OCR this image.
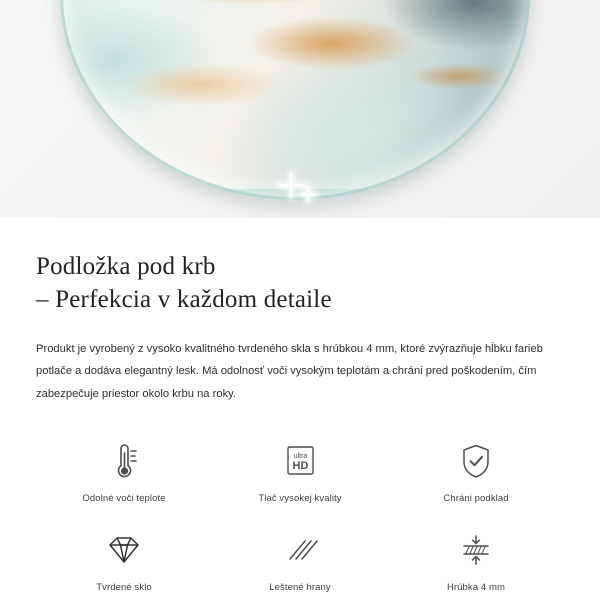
Podložka pod krb
– Perfekcia v každom detaile

Produkt je vyrobený z vysoko kvalitného tvrdeného skla s hrúbkou 4 mm, ktoré zvýrazňuje hĺbku farieb potlače a dodáva elegantný lesk. Má odolnosť voči vysokým teplotám a chráni pred poškodením, čím zabezpečuje priestor okolo krbu na roky.

Odolné voči teplote
ultra
HD
Tlač vysokej kvality	Chráni podklad
Tvrdené sklo	Leštené hrany	Hrúbka 4 mm
